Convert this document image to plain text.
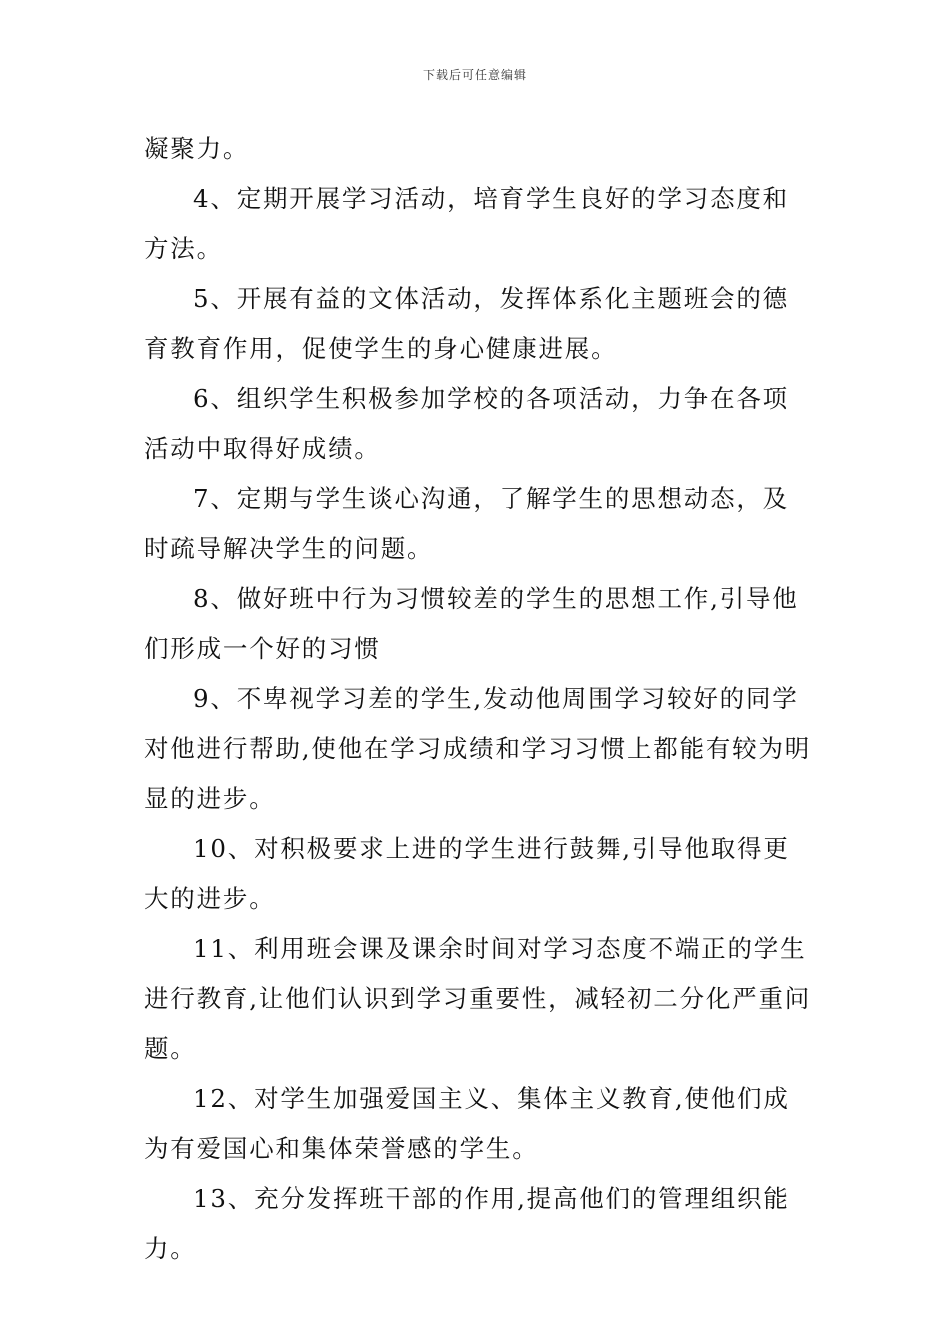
下载后可任意编辑

凝聚力。

4、定期开展学习活动，培育学生良好的学习态度和方法。

5、开展有益的文体活动，发挥体系化主题班会的德育教育作用，促使学生的身心健康进展。

6、组织学生积极参加学校的各项活动，力争在各项活动中取得好成绩。

7、定期与学生谈心沟通，了解学生的思想动态，及时疏导解决学生的问题。

8、做好班中行为习惯较差的学生的思想工作,引导他们形成一个好的习惯

9、不卑视学习差的学生,发动他周围学习较好的同学对他进行帮助,使他在学习成绩和学习习惯上都能有较为明显的进步。

10、对积极要求上进的学生进行鼓舞,引导他取得更大的进步。

11、利用班会课及课余时间对学习态度不端正的学生进行教育,让他们认识到学习重要性，减轻初二分化严重问题。

12、对学生加强爱国主义、集体主义教育,使他们成为有爱国心和集体荣誉感的学生。

13、充分发挥班干部的作用,提高他们的管理组织能力。
